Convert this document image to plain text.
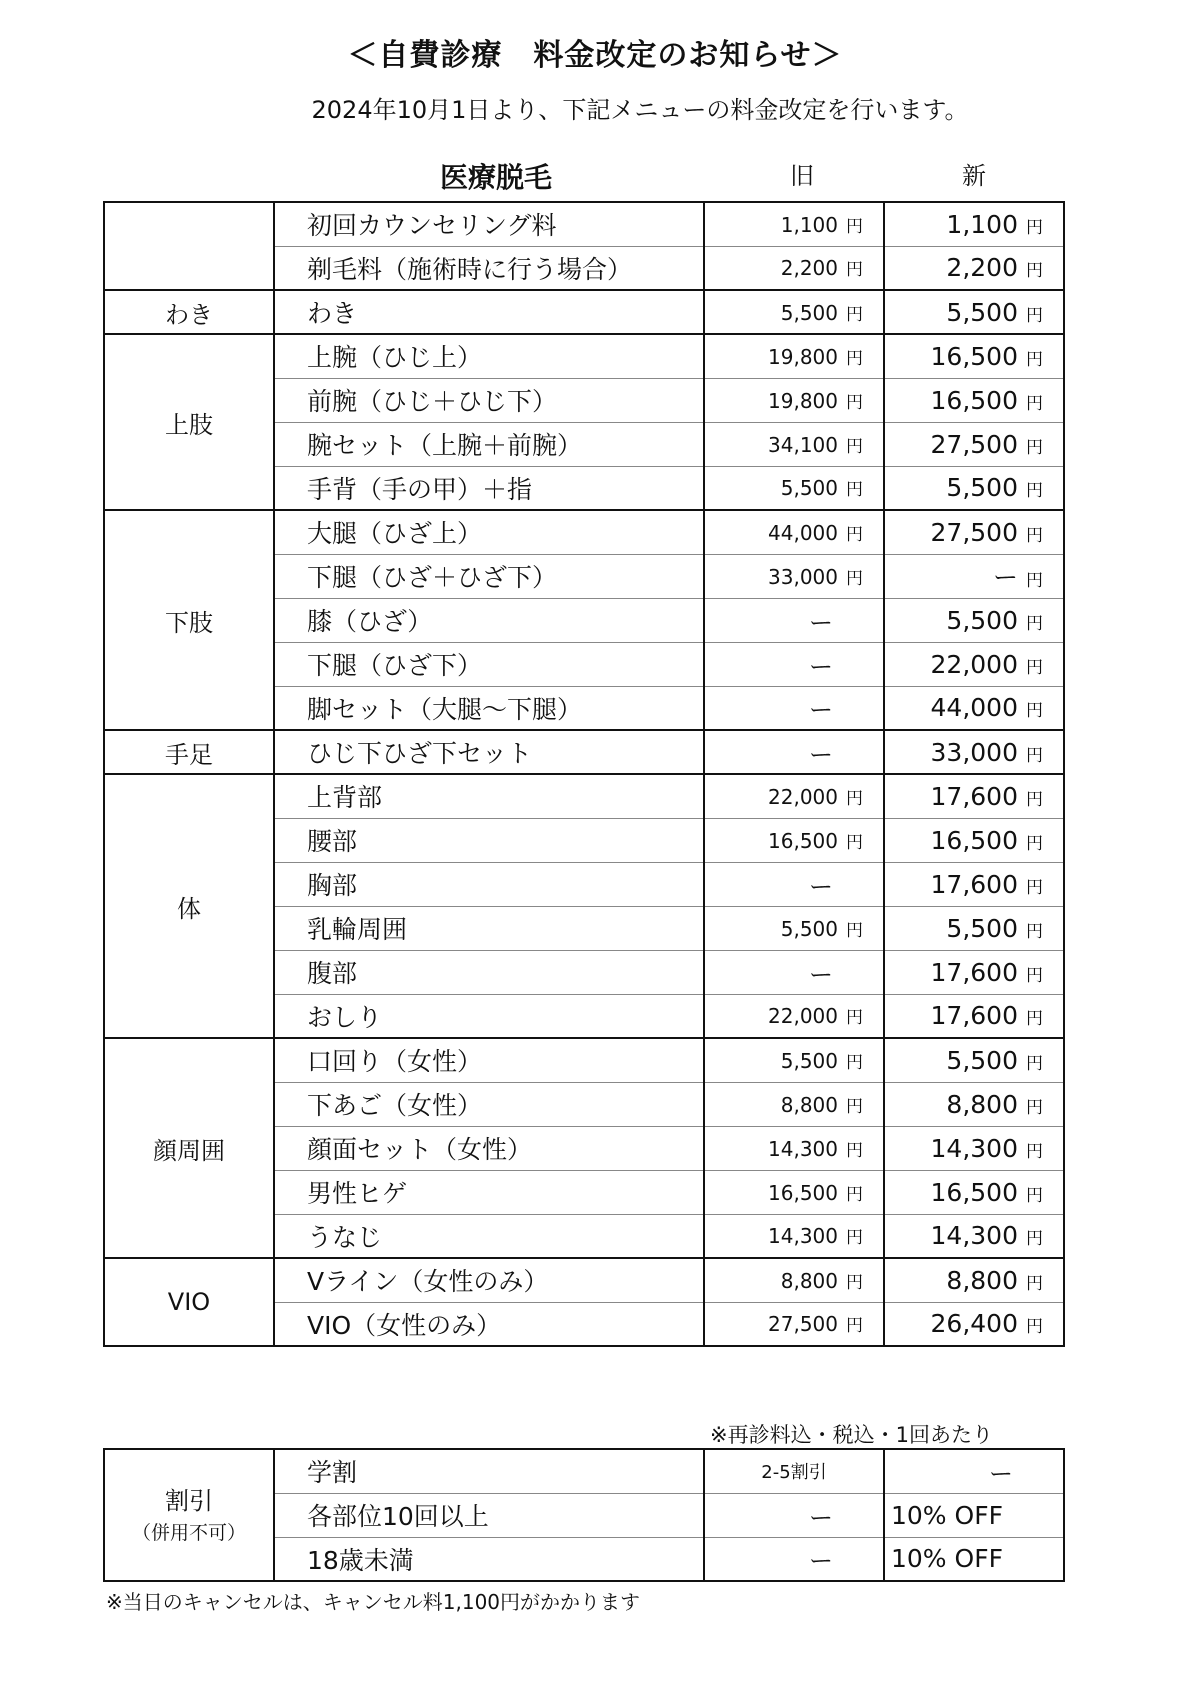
＜自費診療　料金改定のお知らせ＞
2024年10月1日より、下記メニューの料金改定を行います。
医療脱毛	旧	新
	初回カウンセリング料	1,100 円	1,100 円
	剃毛料（施術時に行う場合）	2,200 円	2,200 円
わき	わき	5,500 円	5,500 円
上肢	上腕（ひじ上）	19,800 円	16,500 円
	前腕（ひじ＋ひじ下）	19,800 円	16,500 円
	腕セット（上腕＋前腕）	34,100 円	27,500 円
	手背（手の甲）＋指	5,500 円	5,500 円
下肢	大腿（ひざ上）	44,000 円	27,500 円
	下腿（ひざ＋ひざ下）	33,000 円	ー 円
	膝（ひざ）	ー	5,500 円
	下腿（ひざ下）	ー	22,000 円
	脚セット（大腿～下腿）	ー	44,000 円
手足	ひじ下ひざ下セット	ー	33,000 円
体	上背部	22,000 円	17,600 円
	腰部	16,500 円	16,500 円
	胸部	ー	17,600 円
	乳輪周囲	5,500 円	5,500 円
	腹部	ー	17,600 円
	おしり	22,000 円	17,600 円
顔周囲	口回り（女性）	5,500 円	5,500 円
	下あご（女性）	8,800 円	8,800 円
	顔面セット（女性）	14,300 円	14,300 円
	男性ヒゲ	16,500 円	16,500 円
	うなじ	14,300 円	14,300 円
VIO	Vライン（女性のみ）	8,800 円	8,800 円
	VIO（女性のみ）	27,500 円	26,400 円
※再診料込・税込・1回あたり
割引
（併用不可）	学割	2-5割引	ー
	各部位10回以上	ー	10% OFF
	18歳未満	ー	10% OFF
※当日のキャンセルは、キャンセル料1,100円がかかります
